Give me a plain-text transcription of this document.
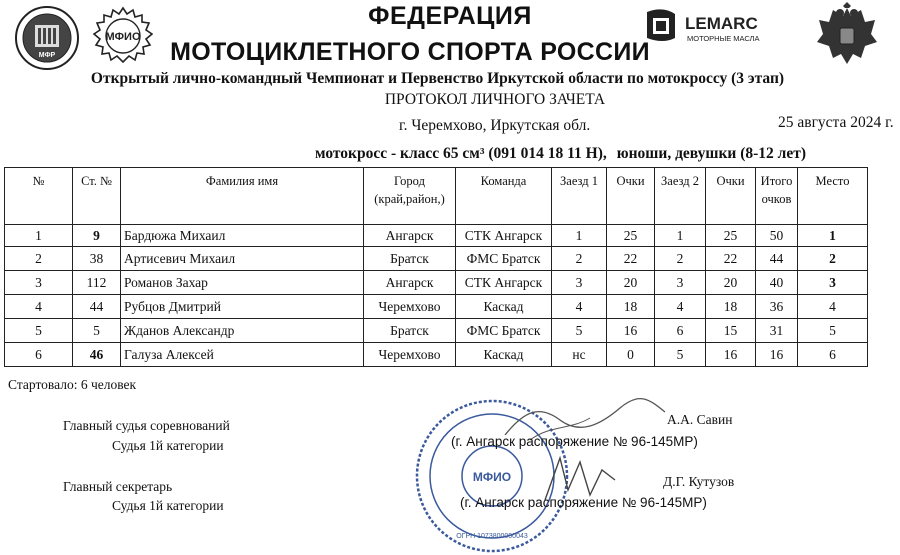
МФР
МФИО
LEMARC
МОТОРНЫЕ МАСЛА
ФЕДЕРАЦИЯ
МОТОЦИКЛЕТНОГО СПОРТА РОССИИ
Открытый лично-командный Чемпионат и Первенство Иркутской области по мотокроссу (3 этап)
ПРОТОКОЛ ЛИЧНОГО ЗАЧЕТА
г. Черемхово, Иркутская обл.	25 августа 2024 г.
мотокросс - класс 65 см³ (091 014 18 11 Н), юноши, девушки (8-12 лет)
№	Ст. №	Фамилия имя	Город (край,район,)	Команда	Заезд 1	Очки	Заезд 2	Очки	Итого очков	Место
1	9	Бардюжа Михаил	Ангарск	СТК Ангарск	1	25	1	25	50	1
2	38	Артисевич Михаил	Братск	ФМС Братск	2	22	2	22	44	2
3	112	Романов Захар	Ангарск	СТК Ангарск	3	20	3	20	40	3
4	44	Рубцов Дмитрий	Черемхово	Каскад	4	18	4	18	36	4
5	5	Жданов Александр	Братск	ФМС Братск	5	16	6	15	31	5
6	46	Галуза Алексей	Черемхово	Каскад	нс	0	5	16	16	6
МФИО
ОГРН 1073800000043
Стартовало: 6 человек
Главный судья соревнований
Судья 1й категории
А.А. Савин
(г. Ангарск распоряжение № 96-145МР)
Главный секретарь
Судья 1й категории
Д.Г. Кутузов
(г. Ангарск распоряжение № 96-145МР)
